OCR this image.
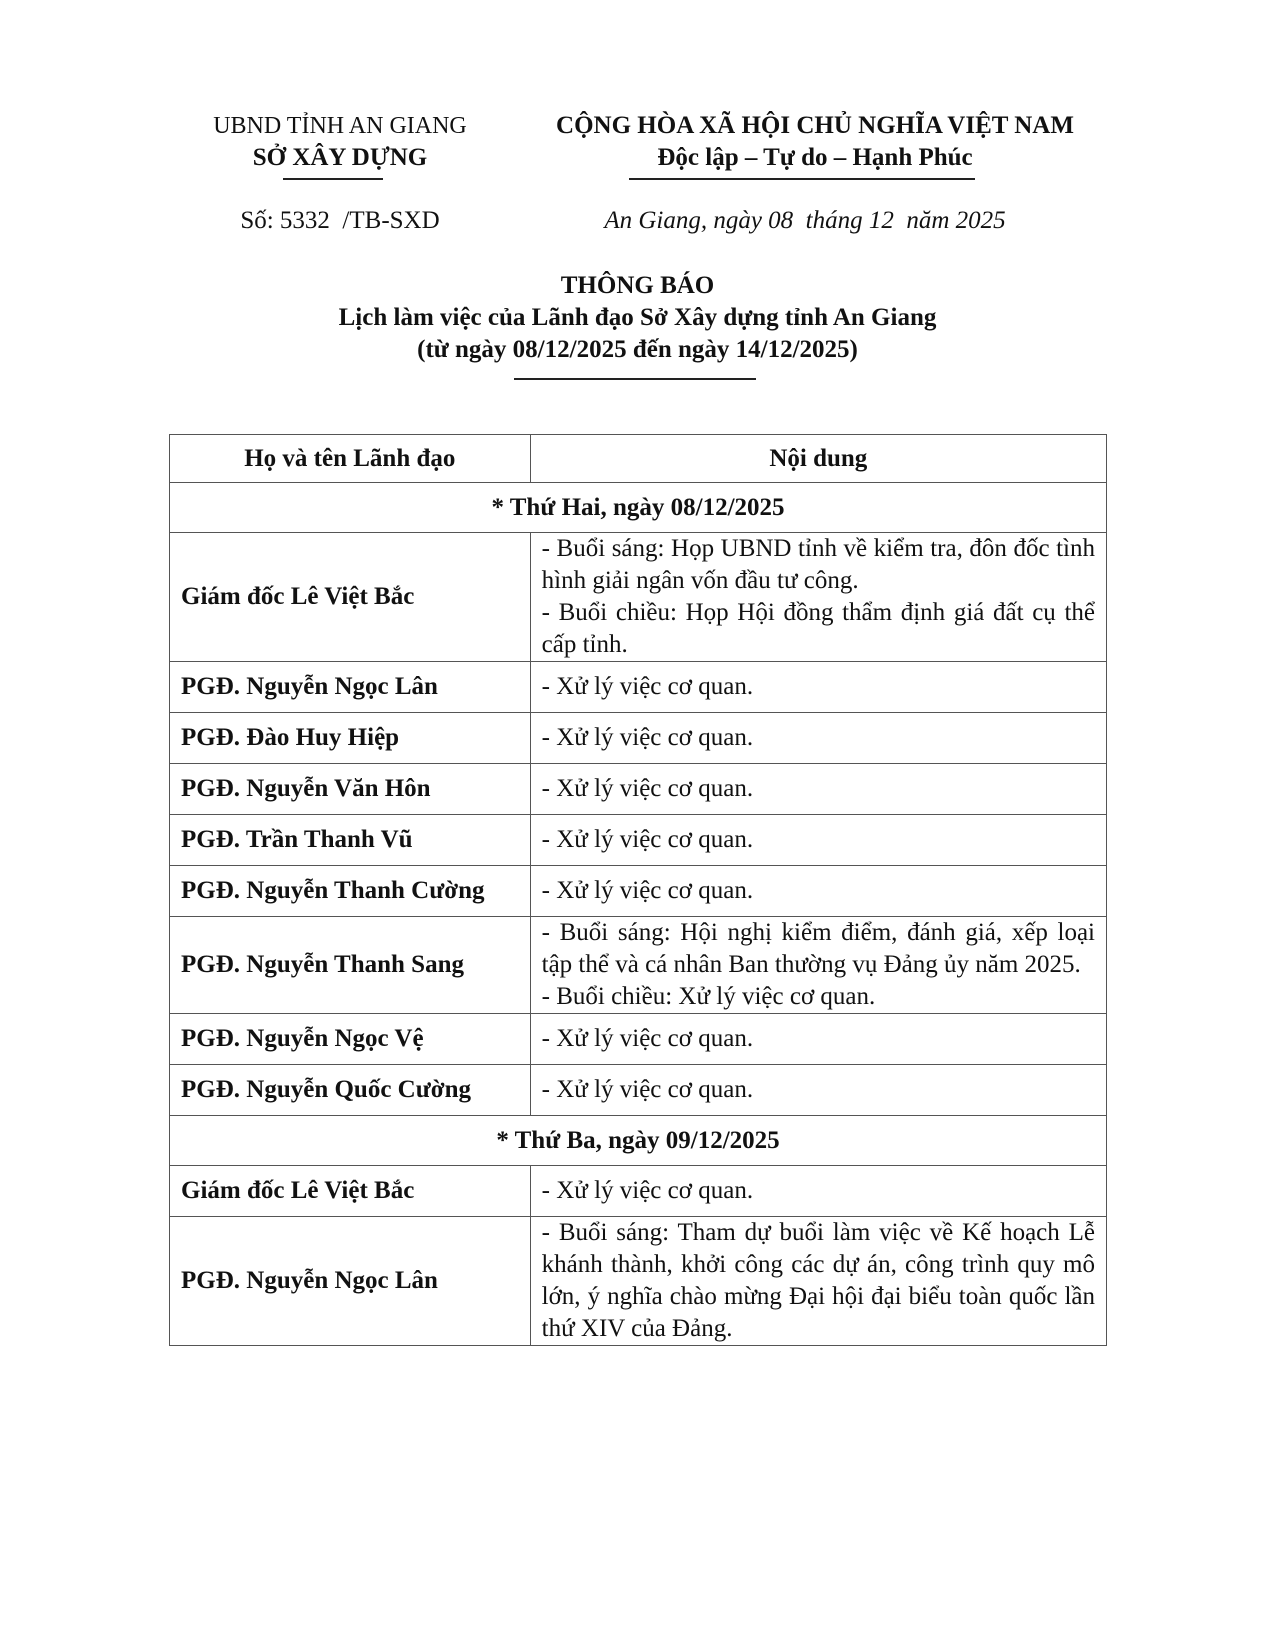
UBND TỈNH AN GIANG
SỞ XÂY DỰNG
CỘNG HÒA XÃ HỘI CHỦ NGHĨA VIỆT NAM
Độc lập – Tự do – Hạnh Phúc
Số: 5332  /TB-SXD	An Giang, ngày 08  tháng 12  năm 2025
THÔNG BÁO
Lịch làm việc của Lãnh đạo Sở Xây dựng tỉnh An Giang
(từ ngày 08/12/2025 đến ngày 14/12/2025)
Họ và tên Lãnh đạo	Nội dung
* Thứ Hai, ngày 08/12/2025	
Giám đốc Lê Việt Bắc	- Buổi sáng: Họp UBND tỉnh về kiểm tra, đôn đốc tình hình giải ngân vốn đầu tư công.
- Buổi chiều: Họp Hội đồng thẩm định giá đất cụ thể cấp tỉnh.

PGĐ. Nguyễn Ngọc Lân	- Xử lý việc cơ quan.

PGĐ. Đào Huy Hiệp	- Xử lý việc cơ quan.

PGĐ. Nguyễn Văn Hôn	- Xử lý việc cơ quan.

PGĐ. Trần Thanh Vũ	- Xử lý việc cơ quan.

PGĐ. Nguyễn Thanh Cường	- Xử lý việc cơ quan.

PGĐ. Nguyễn Thanh Sang	- Buổi sáng: Hội nghị kiểm điểm, đánh giá, xếp loại tập thể và cá nhân Ban thường vụ Đảng ủy năm 2025.
- Buổi chiều: Xử lý việc cơ quan.

PGĐ. Nguyễn Ngọc Vệ	- Xử lý việc cơ quan.

PGĐ. Nguyễn Quốc Cường	- Xử lý việc cơ quan.

* Thứ Ba, ngày 09/12/2025	
Giám đốc Lê Việt Bắc	- Xử lý việc cơ quan.

PGĐ. Nguyễn Ngọc Lân	- Buổi sáng: Tham dự buổi làm việc về Kế hoạch Lễ khánh thành, khởi công các dự án, công trình quy mô lớn, ý nghĩa chào mừng Đại hội đại biểu toàn quốc lần thứ XIV của Đảng.
